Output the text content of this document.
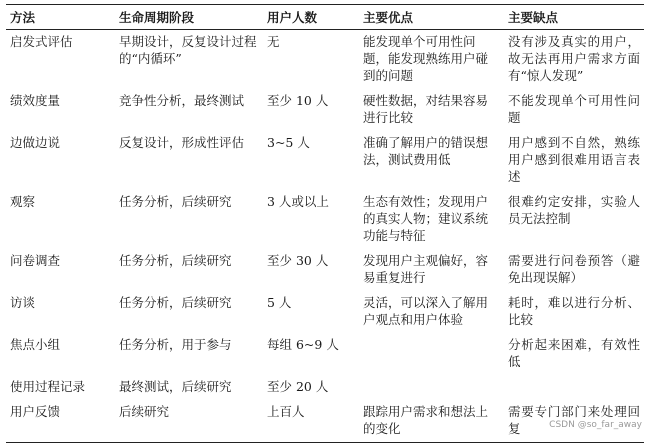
方法	生命周期阶段	用户人数	主要优点	主要缺点
启发式评估	早期设计，反复设计过程的“内循环”	无	能发现单个可用性问题，能发现熟练用户碰到的问题	没有涉及真实的用户，故无法再用户需求方面有“惊人发现”
绩效度量	竞争性分析，最终测试	至少 10 人	硬性数据，对结果容易进行比较	不能发现单个可用性问题
边做边说	反复设计，形成性评估	3~5 人	准确了解用户的错误想法，测试费用低	用户感到不自然，熟练用户感到很难用语言表述
观察	任务分析，后续研究	3 人或以上	生态有效性；发现用户的真实人物；建议系统功能与特征	很难约定安排，实验人员无法控制
问卷调查	任务分析，后续研究	至少 30 人	发现用户主观偏好，容易重复进行	需要进行问卷预答（避免出现误解）
访谈	任务分析，后续研究	5 人	灵活，可以深入了解用户观点和用户体验	耗时，难以进行分析、比较
焦点小组	任务分析，用于参与	每组 6~9 人		分析起来困难，有效性低
使用过程记录	最终测试，后续研究	至少 20 人		
用户反馈	后续研究	上百人	跟踪用户需求和想法上的变化	需要专门部门来处理回复	CSDN @so_far_away
